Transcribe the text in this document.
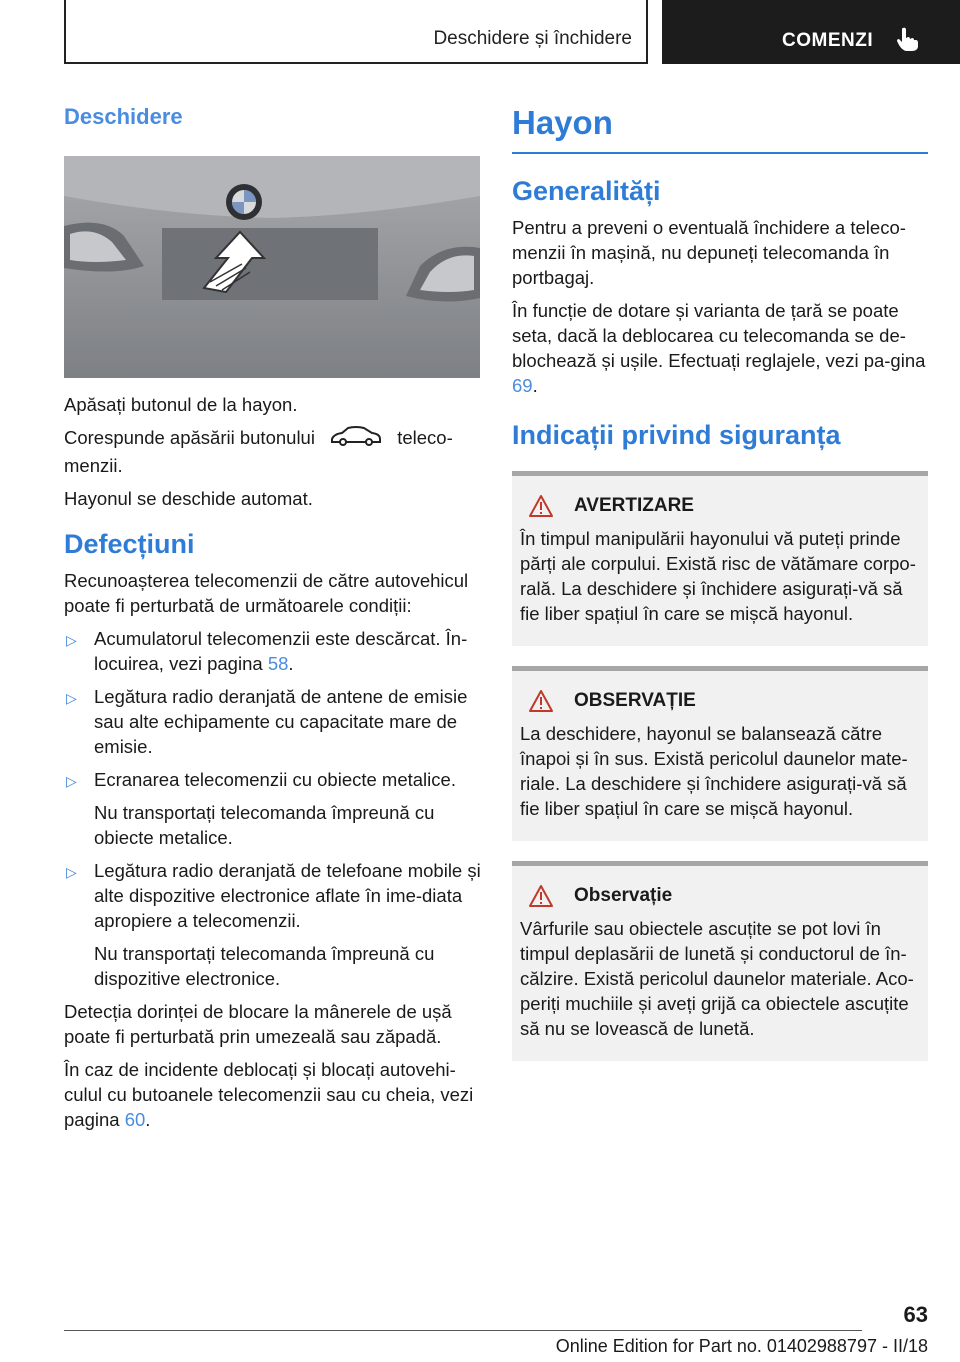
Deschidere și închidere	COMENZI
Deschidere

Apăsați butonul de la hayon.

Corespunde apăsării butonului	teleco-menzii.

Hayonul se deschide automat.

Defecțiuni

Recunoașterea telecomenzii de către autovehicul poate fi perturbată de următoarele condiții:

▷ Acumulatorul telecomenzii este descărcat. În-locuirea, vezi pagina 58.
▷ Legătura radio deranjată de antene de emisie sau alte echipamente cu capacitate mare de emisie.
▷ Ecranarea telecomenzii cu obiecte metalice.
Nu transportați telecomanda împreună cu obiecte metalice.
▷ Legătura radio deranjată de telefoane mobile și alte dispozitive electronice aflate în ime-diata apropiere a telecomenzii.
Nu transportați telecomanda împreună cu dispozitive electronice.

Detecția dorinței de blocare la mânerele de ușă poate fi perturbată prin umezeală sau zăpadă.

În caz de incidente deblocați și blocați autovehi-culul cu butoanele telecomenzii sau cu cheia, vezi pagina 60.

Hayon
Generalități

Pentru a preveni o eventuală închidere a teleco-menzii în mașină, nu depuneți telecomanda în portbagaj.

În funcție de dotare și varianta de țară se poate seta, dacă la deblocarea cu telecomanda se de-blochează și ușile. Efectuați reglajele, vezi pa-gina 69.

Indicații privind siguranța
AVERTIZARE

În timpul manipulării hayonului vă puteți prinde părți ale corpului. Există risc de vătămare corpo-rală. La deschidere și închidere asigurați-vă să fie liber spațiul în care se mișcă hayonul.

OBSERVAȚIE

La deschidere, hayonul se balansează către înapoi și în sus. Există pericolul daunelor mate-riale. La deschidere și închidere asigurați-vă să fie liber spațiul în care se mișcă hayonul.

Observație

Vârfurile sau obiectele ascuțite se pot lovi în timpul deplasării de lunetă și conductorul de în-călzire. Există pericolul daunelor materiale. Aco-periți muchiile și aveți grijă ca obiectele ascuțite să nu se lovească de lunetă.

63
Online Edition for Part no. 01402988797 - II/18
